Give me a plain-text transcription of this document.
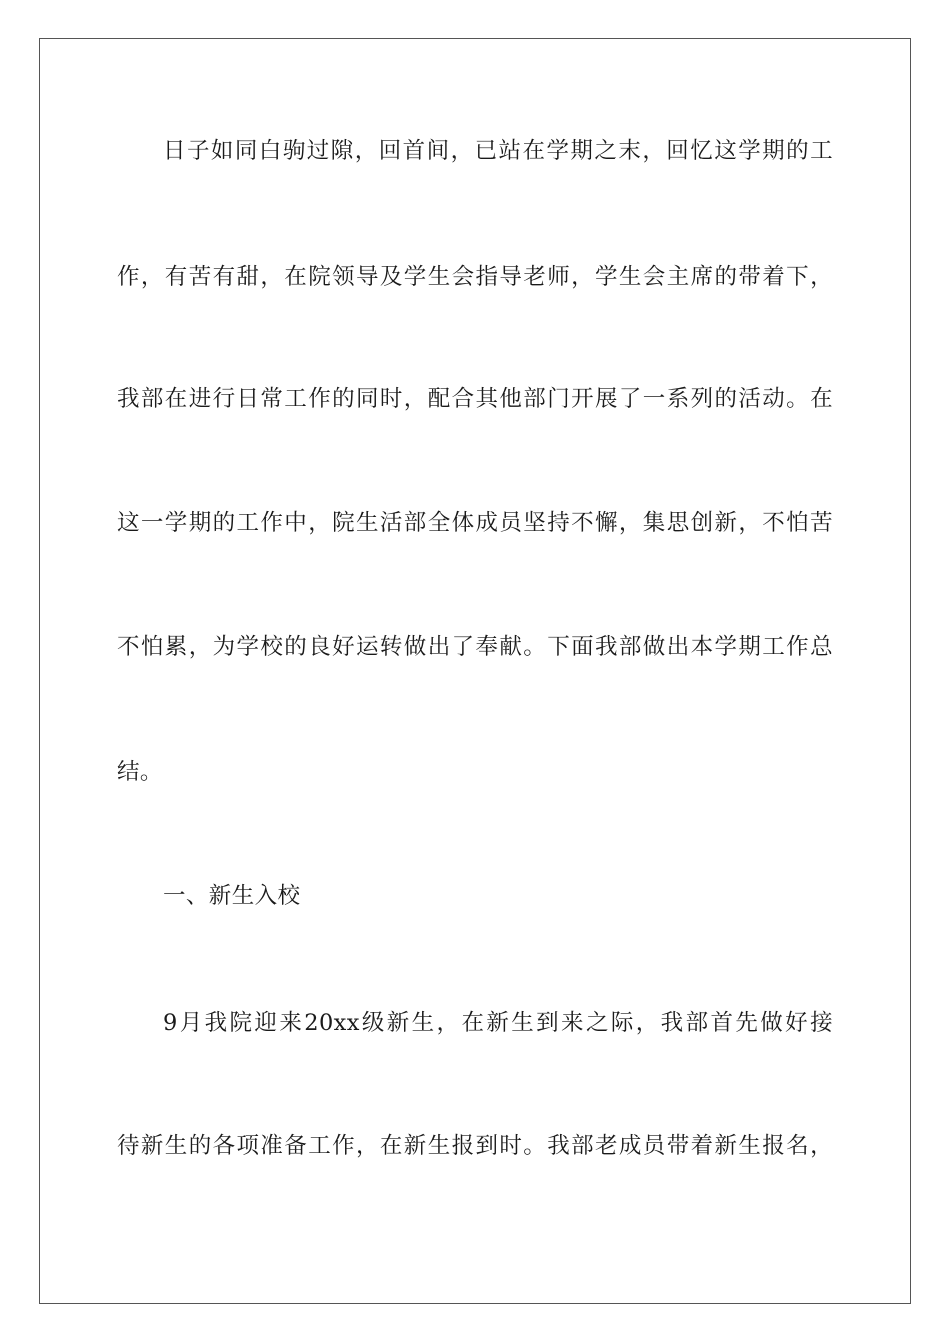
日子如同白驹过隙，回首间，已站在学期之末，回忆这学期的工
作，有苦有甜，在院领导及学生会指导老师，学生会主席的带着下，
我部在进行日常工作的同时，配合其他部门开展了一系列的活动。在
这一学期的工作中，院生活部全体成员坚持不懈，集思创新，不怕苦
不怕累，为学校的良好运转做出了奉献。下面我部做出本学期工作总
结。
一、新生入校
9月我院迎来20xx级新生，在新生到来之际，我部首先做好接
待新生的各项准备工作，在新生报到时。我部老成员带着新生报名，
